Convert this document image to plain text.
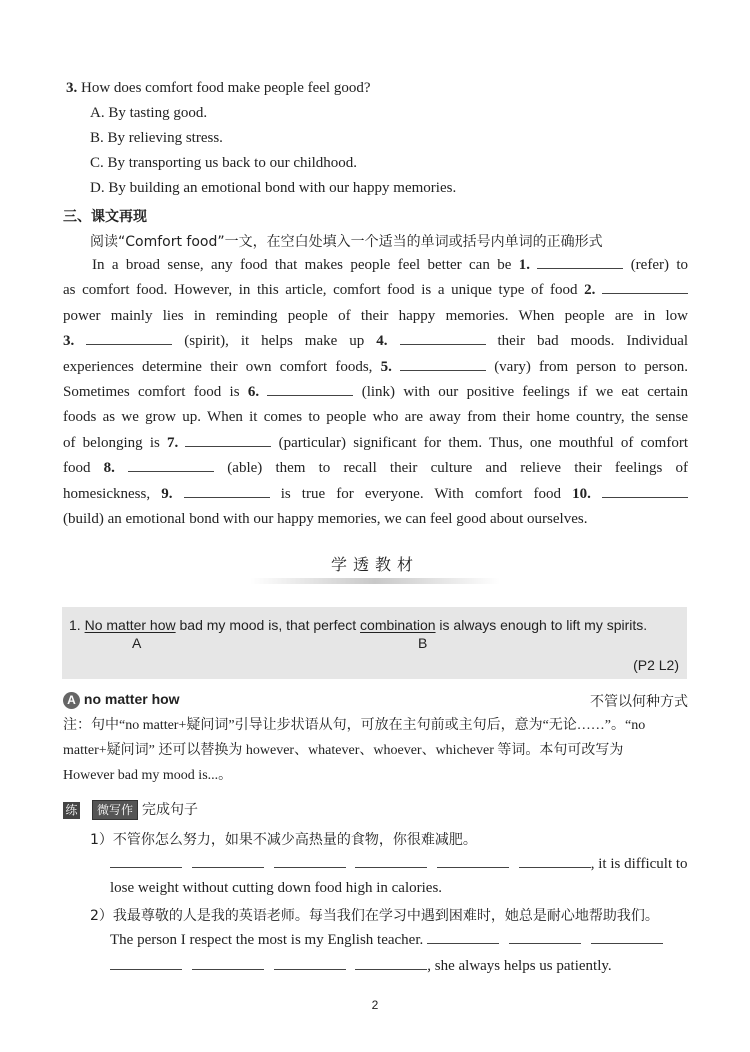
3. How does comfort food make people feel good?
A. By tasting good.
B. By relieving stress.
C. By transporting us back to our childhood.
D. By building an emotional bond with our happy memories.
三、课文再现
阅读“Comfort food”一文，在空白处填入一个适当的单词或括号内单词的正确形式
In a broad sense, any food that makes people feel better can be 1.	(refer) to
as comfort food. However, in this article, comfort food is a unique type of food 2.
power mainly lies in reminding people of their happy memories. When people are in low
3.	(spirit), it helps make up 4.	their bad moods. Individual
experiences determine their own comfort foods, 5.	(vary) from person to person.
Sometimes comfort food is 6.	(link) with our positive feelings if we eat certain
foods as we grow up. When it comes to people who are away from their home country, the sense
of belonging is 7.	(particular) significant for them. Thus, one mouthful of comfort
food 8.	(able) them to recall their culture and relieve their feelings of
homesickness, 9.	is true for everyone. With comfort food 10.
(build) an emotional bond with our happy memories, we can feel good about ourselves.
学透教材
1. No matter how bad my mood is, that perfect combination is always enough to lift my spirits.
A	B
(P2 L2)
A no matter how	不管以何种方式
注：句中“no matter+疑问词”引导让步状语从句，可放在主句前或主句后，意为“无论……”。“no
matter+疑问词” 还可以替换为 however、whatever、whoever、whichever 等词。本句可改写为
However bad my mood is...。
练 微写作 完成句子
1）不管你怎么努力，如果不减少高热量的食物，你很难减肥。
, it is difficult to
lose weight without cutting down food high in calories.
2）我最尊敬的人是我的英语老师。每当我们在学习中遇到困难时，她总是耐心地帮助我们。
The person I respect the most is my English teacher.
, she always helps us patiently.
2
